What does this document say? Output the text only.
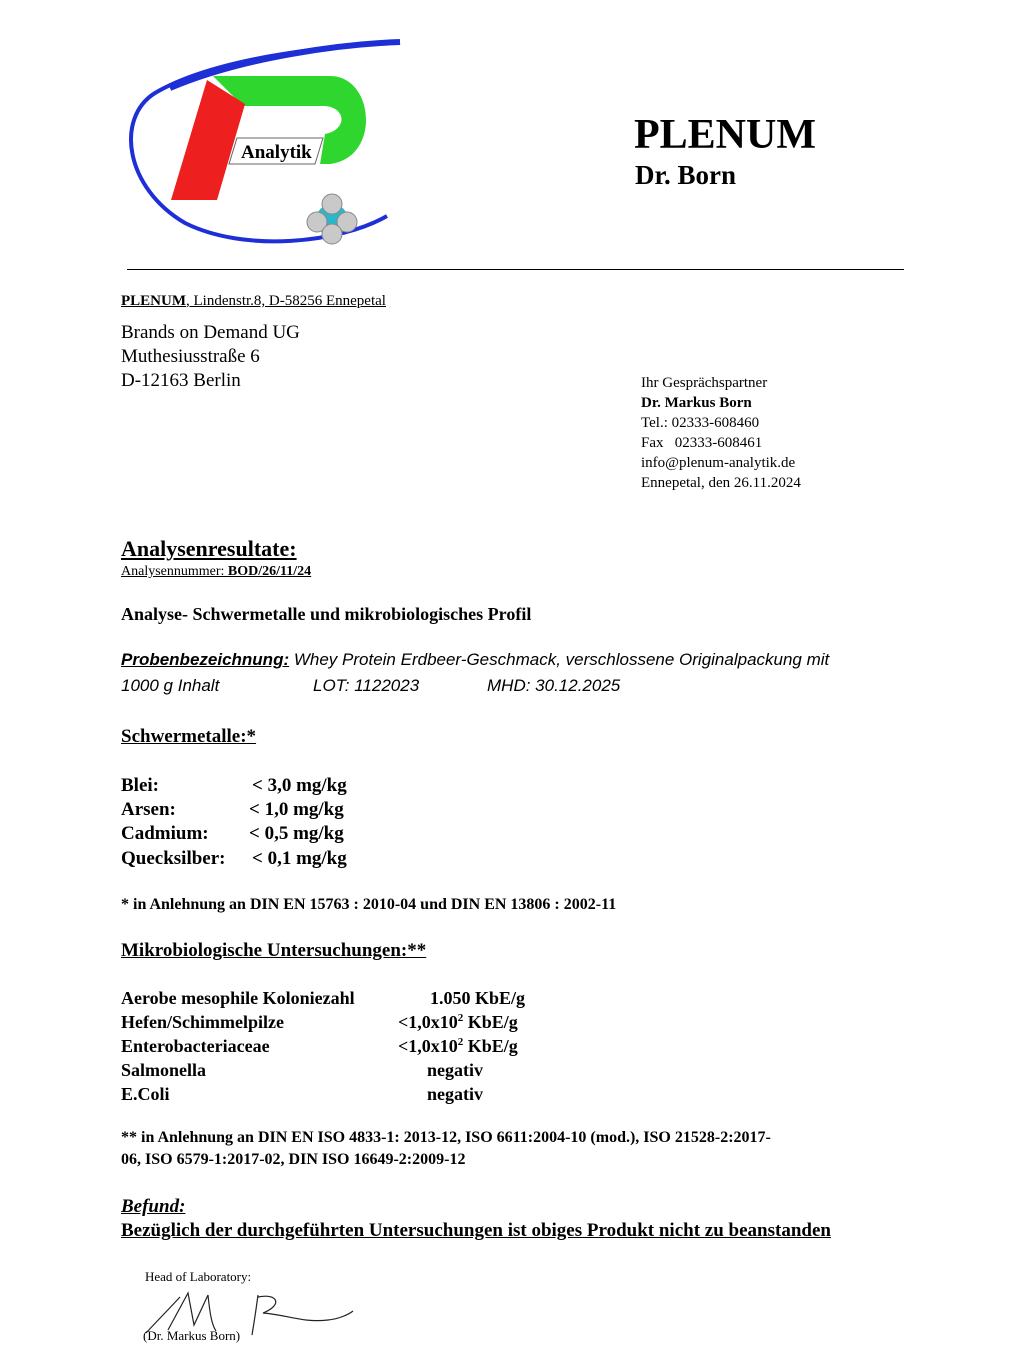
Analytik	PLENUM
Dr. Born
PLENUM, Lindenstr.8, D-58256 Ennepetal
Brands on Demand UG
Muthesiusstraße 6
D-12163 Berlin	Ihr Gesprächspartner
Dr. Markus Born
Tel.: 02333-608460
Fax   02333-608461
info@plenum-analytik.de
Ennepetal, den 26.11.2024
Analysenresultate:
Analysennummer: BOD/26/11/24
Analyse- Schwermetalle und mikrobiologisches Profil
Probenbezeichnung: Whey Protein Erdbeer-Geschmack, verschlossene Originalpackung mit
1000 g Inhalt	LOT: 1122023	MHD: 30.12.2025
Schwermetalle:*
Blei:	< 3,0 mg/kg
Arsen:	< 1,0 mg/kg
Cadmium: < 0,5 mg/kg
Quecksilber: < 0,1 mg/kg
* in Anlehnung an DIN EN 15763 : 2010-04 und DIN EN 13806 : 2002-11
Mikrobiologische Untersuchungen:**
Aerobe mesophile Koloniezahl	1.050 KbE/g
Hefen/Schimmelpilze	$<1,0x10^2$ KbE/g
Enterobacteriaceae	$<1,0x10^2$ KbE/g
Salmonella	negativ
E.Coli	negativ
** in Anlehnung an DIN EN ISO 4833-1: 2013-12, ISO 6611:2004-10 (mod.), ISO 21528-2:2017-
06, ISO 6579-1:2017-02, DIN ISO 16649-2:2009-12
Befund:
Bezüglich der durchgeführten Untersuchungen ist obiges Produkt nicht zu beanstanden
Head of Laboratory:
(Dr. Markus Born)
